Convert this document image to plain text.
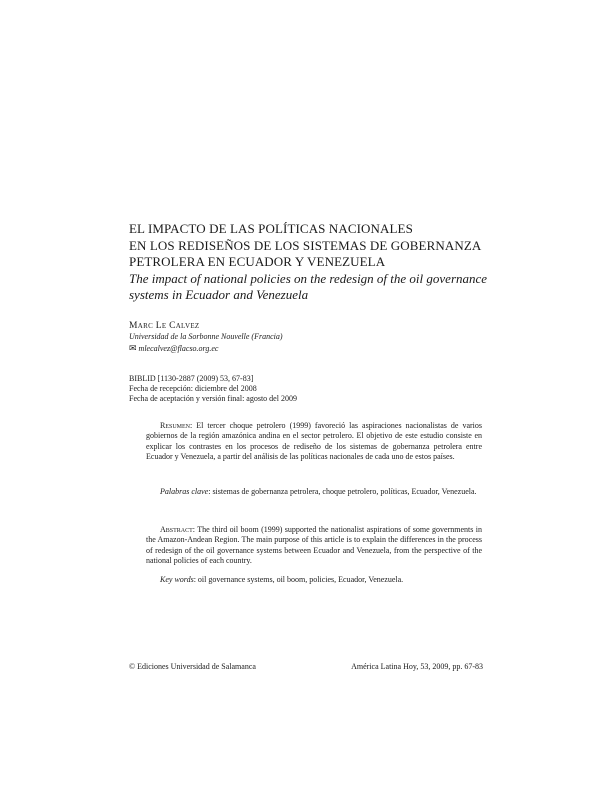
EL IMPACTO DE LAS POLÍTICAS NACIONALES
EN LOS REDISEÑOS DE LOS SISTEMAS DE GOBERNANZA
PETROLERA EN ECUADOR Y VENEZUELA
The impact of national policies on the redesign of the oil governance
systems in Ecuador and Venezuela
Marc Le Calvez
Universidad de la Sorbonne Nouvelle (Francia)
✉ mlecalvez@flacso.org.ec
BIBLID [1130-2887 (2009) 53, 67-83]
Fecha de recepción: diciembre del 2008
Fecha de aceptación y versión final: agosto del 2009

Resumen: El tercer choque petrolero (1999) favoreció las aspiraciones nacionalistas de varios gobiernos de la región amazónica andina en el sector petrolero. El objetivo de este estudio consiste en explicar los contrastes en los procesos de rediseño de los sistemas de gobernanza petrolera entre Ecuador y Venezuela, a partir del análisis de las políticas nacionales de cada uno de estos países.

Palabras clave: sistemas de gobernanza petrolera, choque petrolero, políticas, Ecuador, Venezuela.

Abstract: The third oil boom (1999) supported the nationalist aspirations of some governments in the Amazon-Andean Region. The main purpose of this article is to explain the differences in the process of redesign of the oil governance systems between Ecuador and Venezuela, from the perspective of the national policies of each country.

Key words: oil governance systems, oil boom, policies, Ecuador, Venezuela.

© Ediciones Universidad de Salamanca	América Latina Hoy, 53, 2009, pp. 67-83
